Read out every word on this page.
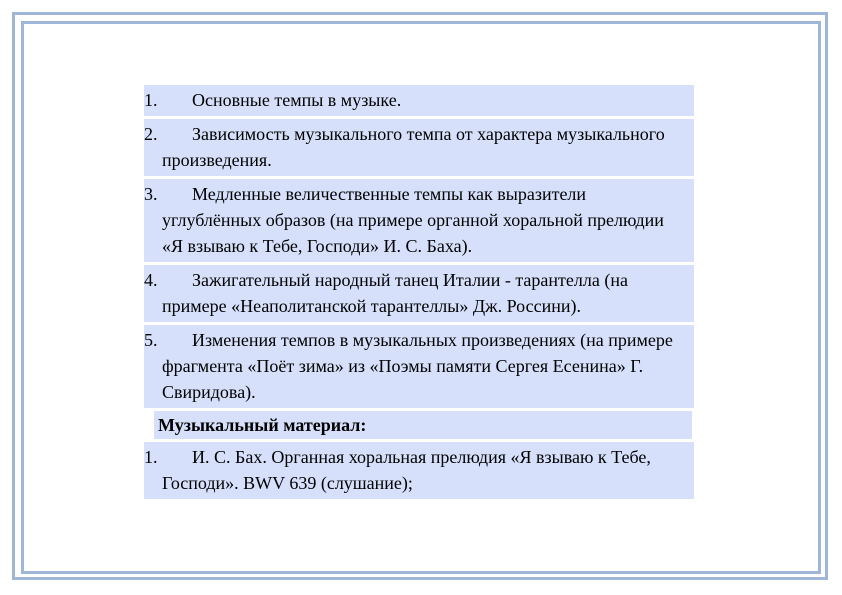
1.	Основные темпы в музыке.
2.	Зависимость музыкального темпа от характера музыкального произведения.
3.	Медленные величественные темпы как выразители углублённых образов (на примере органной хоральной прелюдии «Я взываю к Тебе, Господи» И. С. Баха).
4.	Зажигательный народный танец Италии - тарантелла (на примере «Неаполитанской тарантеллы» Дж. Россини).
5.	Изменения темпов в музыкальных произведениях (на примере фрагмента «Поёт зима» из «Поэмы памяти Сергея Есенина» Г. Свиридова).
Музыкальный материал:
1.	И. С. Бах. Органная хоральная прелюдия «Я взываю к Тебе, Господи». BWV 639 (слушание);
